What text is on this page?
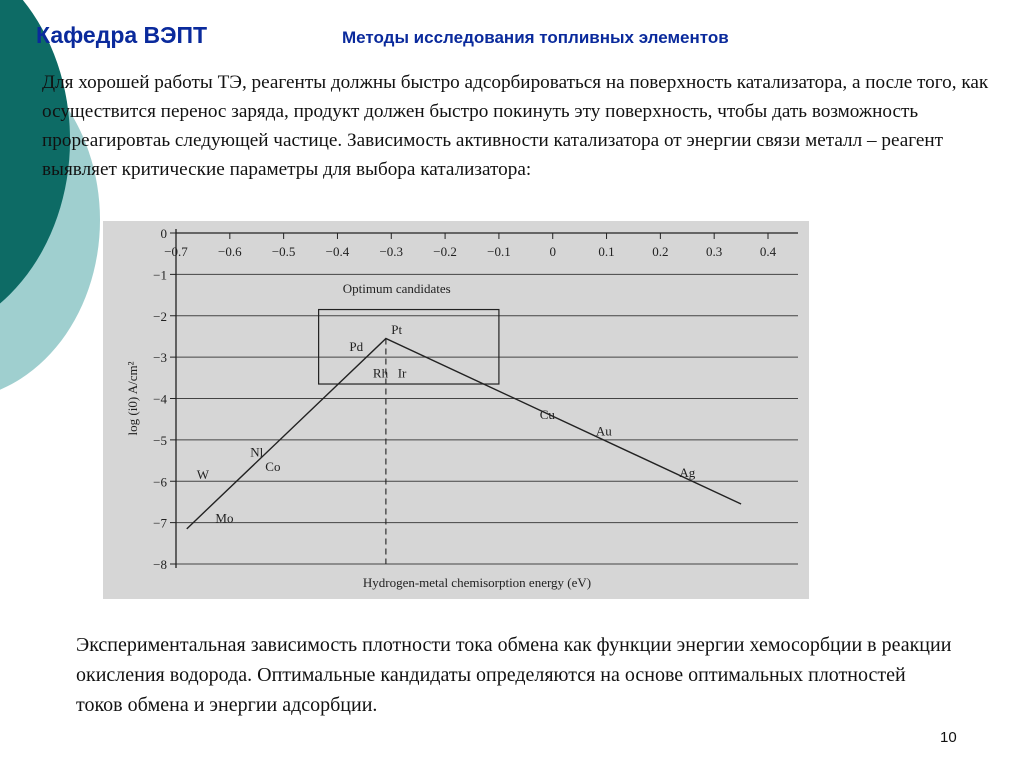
Кафедра ВЭПТ	Методы исследования топливных элементов
Для хорошей работы ТЭ, реагенты должны быстро адсорбироваться на поверхность катализатора, а после того, как осуществится перенос заряда, продукт должен быстро покинуть эту поверхность, чтобы дать возможность прореагировтаь следующей частице. Зависимость активности катализатора от энергии связи металл – реагент выявляет критические параметры для выбора катализатора:
0
−1
−2
−3
−4
−5
−6
−7
−8
−0.7 −0.6 −0.5 −0.4 −0.3 −0.2 −0.1	0	0.1	0.2	0.3	0.4
log (i0) A/cm²
Hydrogen-metal chemisorption energy (eV)
Optimum candidates
W
Mo
Nl
Co
Pd
Pt
Rh Ir
Cu
Au
Ag
Экспериментальная зависимость плотности тока обмена как функции энергии хемосорбции в реакции окисления водорода. Оптимальные кандидаты определяются на основе оптимальных плотностей токов обмена и энергии адсорбции.
10
